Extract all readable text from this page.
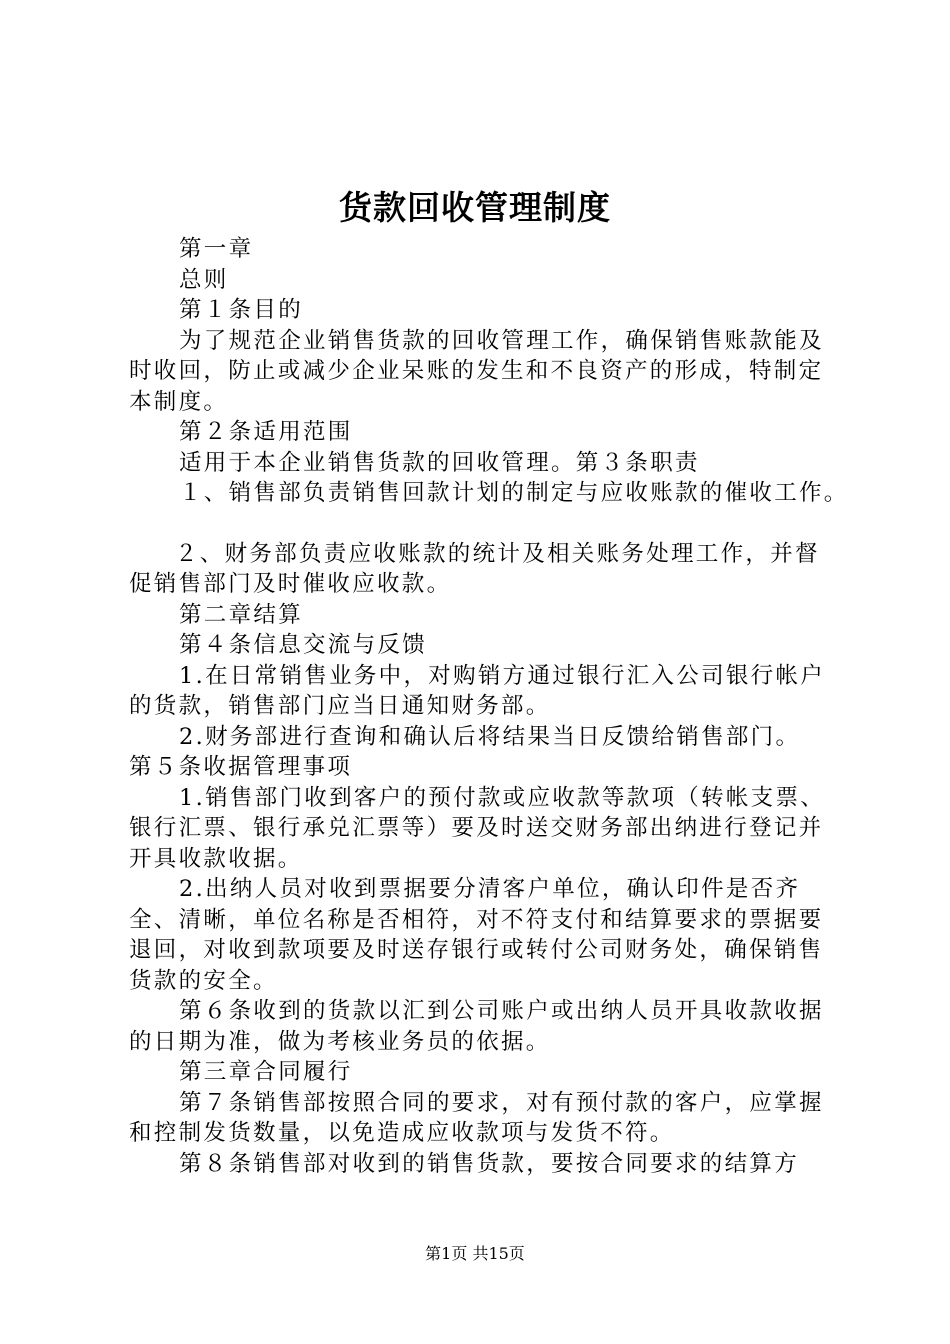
货款回收管理制度

第一章

总则

第１条目的

为了规范企业销售货款的回收管理工作，确保销售账款能及时收回，防止或减少企业呆账的发生和不良资产的形成，特制定本制度。

第２条适用范围

适用于本企业销售货款的回收管理。第３条职责

１、销售部负责销售回款计划的制定与应收账款的催收工作。

２、财务部负责应收账款的统计及相关账务处理工作，并督促销售部门及时催收应收款。

第二章结算

第４条信息交流与反馈

1.在日常销售业务中，对购销方通过银行汇入公司银行帐户的货款，销售部门应当日通知财务部。

2.财务部进行查询和确认后将结果当日反馈给销售部门。

第５条收据管理事项

1.销售部门收到客户的预付款或应收款等款项（转帐支票、银行汇票、银行承兑汇票等）要及时送交财务部出纳进行登记并开具收款收据。

2.出纳人员对收到票据要分清客户单位，确认印件是否齐全、清晰，单位名称是否相符，对不符支付和结算要求的票据要退回，对收到款项要及时送存银行或转付公司财务处，确保销售货款的安全。

第６条收到的货款以汇到公司账户或出纳人员开具收款收据的日期为准，做为考核业务员的依据。

第三章合同履行

第７条销售部按照合同的要求，对有预付款的客户，应掌握和控制发货数量，以免造成应收款项与发货不符。

第８条销售部对收到的销售货款，要按合同要求的结算方

第1页 共15页
